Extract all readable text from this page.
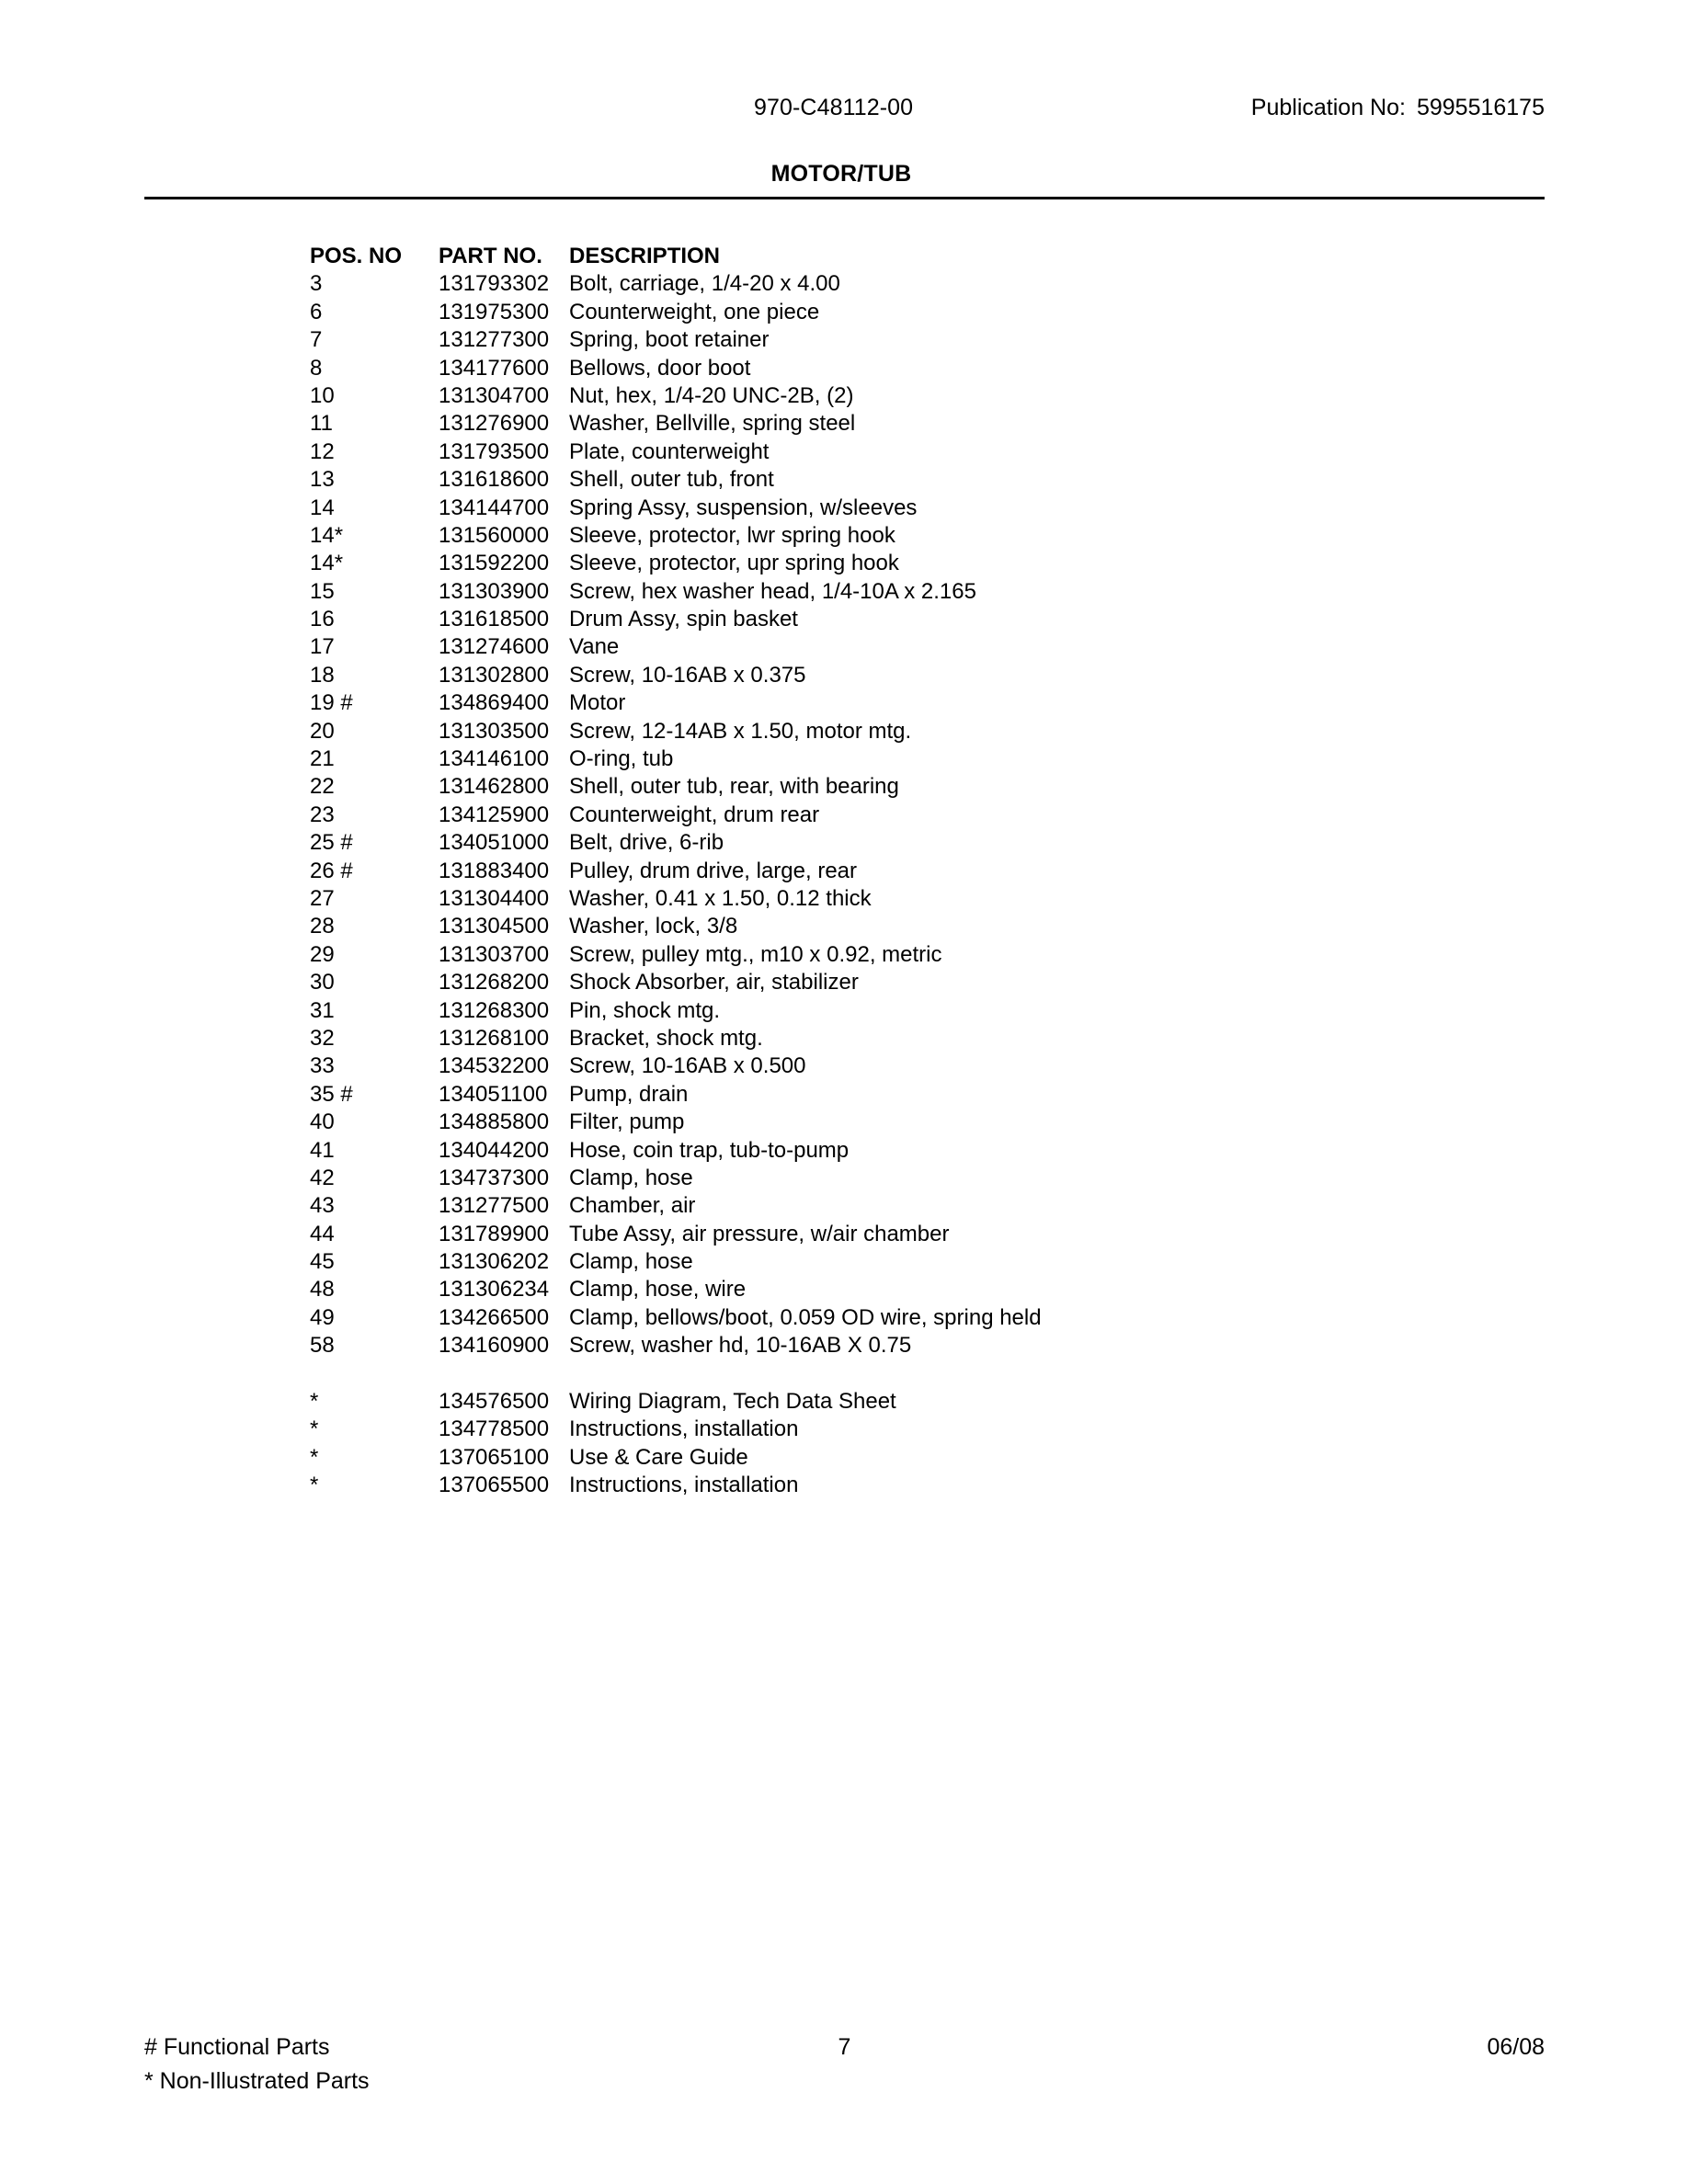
970-C48112-00	Publication No: 5995516175
MOTOR/TUB
POS. NO PART NO. DESCRIPTION
3	131793302 Bolt, carriage, 1/4-20 x 4.00
6	131975300 Counterweight, one piece
7	131277300 Spring, boot retainer
8	134177600 Bellows, door boot
10	131304700 Nut, hex, 1/4-20 UNC-2B, (2)
11	131276900 Washer, Bellville, spring steel
12	131793500 Plate, counterweight
13	131618600 Shell, outer tub, front
14	134144700 Spring Assy, suspension, w/sleeves
14*	131560000 Sleeve, protector, lwr spring hook
14*	131592200 Sleeve, protector, upr spring hook
15	131303900 Screw, hex washer head, 1/4-10A x 2.165
16	131618500 Drum Assy, spin basket
17	131274600 Vane
18	131302800 Screw, 10-16AB x 0.375
19 #	134869400 Motor
20	131303500 Screw, 12-14AB x 1.50, motor mtg.
21	134146100 O-ring, tub
22	131462800 Shell, outer tub, rear, with bearing
23	134125900 Counterweight, drum rear
25 #	134051000 Belt, drive, 6-rib
26 #	131883400 Pulley, drum drive, large, rear
27	131304400 Washer, 0.41 x 1.50, 0.12 thick
28	131304500 Washer, lock, 3/8
29	131303700 Screw, pulley mtg., m10 x 0.92, metric
30	131268200 Shock Absorber, air, stabilizer
31	131268300 Pin, shock mtg.
32	131268100 Bracket, shock mtg.
33	134532200 Screw, 10-16AB x 0.500
35 #	134051100 Pump, drain
40	134885800 Filter, pump
41	134044200 Hose, coin trap, tub-to-pump
42	134737300 Clamp, hose
43	131277500 Chamber, air
44	131789900 Tube Assy, air pressure, w/air chamber
45	131306202 Clamp, hose
48	131306234 Clamp, hose, wire
49	134266500 Clamp, bellows/boot, 0.059 OD wire, spring held
58	134160900 Screw, washer hd, 10-16AB X 0.75
*	134576500 Wiring Diagram, Tech Data Sheet
*	134778500 Instructions, installation
*	137065100 Use & Care Guide
*	137065500 Instructions, installation
# Functional Parts
* Non-Illustrated Parts
7	06/08
